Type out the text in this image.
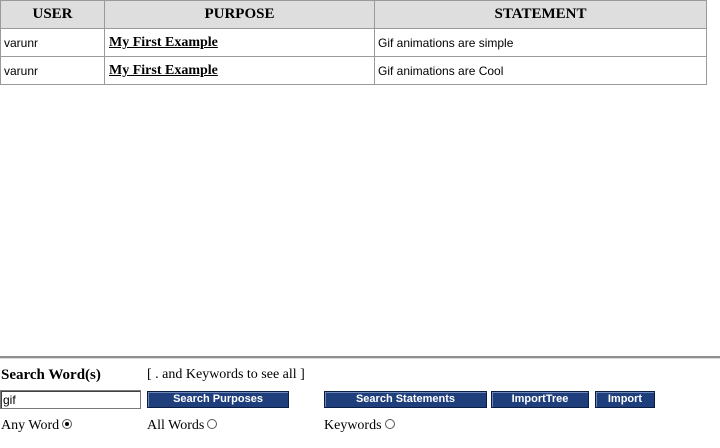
USER	PURPOSE	STATEMENT
varunr	My First Example	Gif animations are simple
varunr	My First Example	Gif animations are Cool
Search Word(s)	[ . and Keywords to see all ]
gif
Search Purposes	Search Statements	ImportTree	Import
Any Word	All Words	Keywords
